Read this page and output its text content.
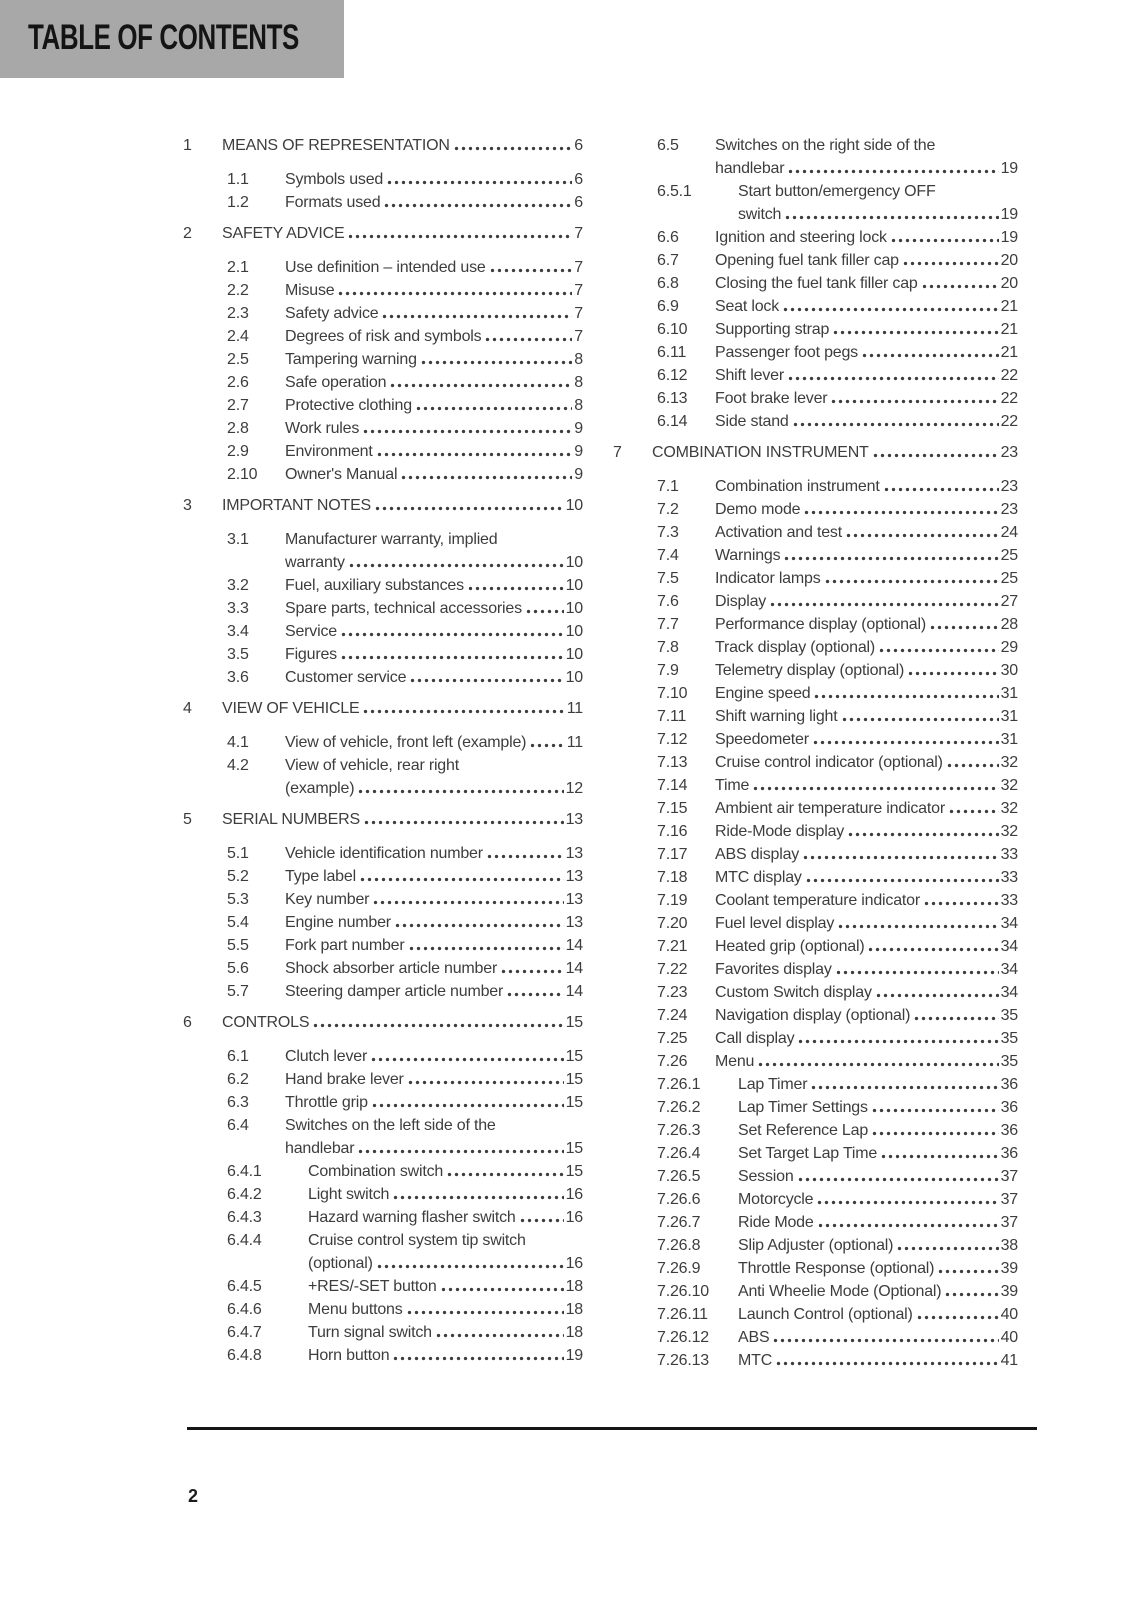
TABLE OF CONTENTS
1	MEANS OF REPRESENTATION	6
1.1	Symbols used	6
1.2	Formats used	6
2	SAFETY ADVICE	7
2.1	Use definition – intended use	7
2.2	Misuse	7
2.3	Safety advice	7
2.4	Degrees of risk and symbols	7
2.5	Tampering warning	8
2.6	Safe operation	8
2.7	Protective clothing	8
2.8	Work rules	9
2.9	Environment	9
2.10	Owner's Manual	9
3	IMPORTANT NOTES	10
3.1	Manufacturer warranty, implied
warranty	10
3.2	Fuel, auxiliary substances	10
3.3	Spare parts, technical accessories	10
3.4	Service	10
3.5	Figures	10
3.6	Customer service	10
4	VIEW OF VEHICLE	11
4.1	View of vehicle, front left (example)	11
4.2	View of vehicle, rear right
(example)	12
5	SERIAL NUMBERS	13
5.1	Vehicle identification number	13
5.2	Type label	13
5.3	Key number	13
5.4	Engine number	13
5.5	Fork part number	14
5.6	Shock absorber article number	14
5.7	Steering damper article number	14
6	CONTROLS	15
6.1	Clutch lever	15
6.2	Hand brake lever	15
6.3	Throttle grip	15
6.4	Switches on the left side of the
handlebar	15
6.4.1	Combination switch	15
6.4.2	Light switch	16
6.4.3	Hazard warning flasher switch	16
6.4.4	Cruise control system tip switch
(optional)	16
6.4.5	+RES/-SET button	18
6.4.6	Menu buttons	18
6.4.7	Turn signal switch	18
6.4.8	Horn button	19
6.5	Switches on the right side of the
handlebar	19
6.5.1	Start button/emergency OFF
switch	19
6.6	Ignition and steering lock	19
6.7	Opening fuel tank filler cap	20
6.8	Closing the fuel tank filler cap	20
6.9	Seat lock	21
6.10	Supporting strap	21
6.11	Passenger foot pegs	21
6.12	Shift lever	22
6.13	Foot brake lever	22
6.14	Side stand	22
7	COMBINATION INSTRUMENT	23
7.1	Combination instrument	23
7.2	Demo mode	23
7.3	Activation and test	24
7.4	Warnings	25
7.5	Indicator lamps	25
7.6	Display	27
7.7	Performance display (optional)	28
7.8	Track display (optional)	29
7.9	Telemetry display (optional)	30
7.10	Engine speed	31
7.11	Shift warning light	31
7.12	Speedometer	31
7.13	Cruise control indicator (optional)	32
7.14	Time	32
7.15	Ambient air temperature indicator	32
7.16	Ride-Mode display	32
7.17	ABS display	33
7.18	MTC display	33
7.19	Coolant temperature indicator	33
7.20	Fuel level display	34
7.21	Heated grip (optional)	34
7.22	Favorites display	34
7.23	Custom Switch display	34
7.24	Navigation display (optional)	35
7.25	Call display	35
7.26	Menu	35
7.26.1	Lap Timer	36
7.26.2	Lap Timer Settings	36
7.26.3	Set Reference Lap	36
7.26.4	Set Target Lap Time	36
7.26.5	Session	37
7.26.6	Motorcycle	37
7.26.7	Ride Mode	37
7.26.8	Slip Adjuster (optional)	38
7.26.9	Throttle Response (optional)	39
7.26.10	Anti Wheelie Mode (Optional)	39
7.26.11	Launch Control (optional)	40
7.26.12	ABS	40
7.26.13	MTC	41
2
